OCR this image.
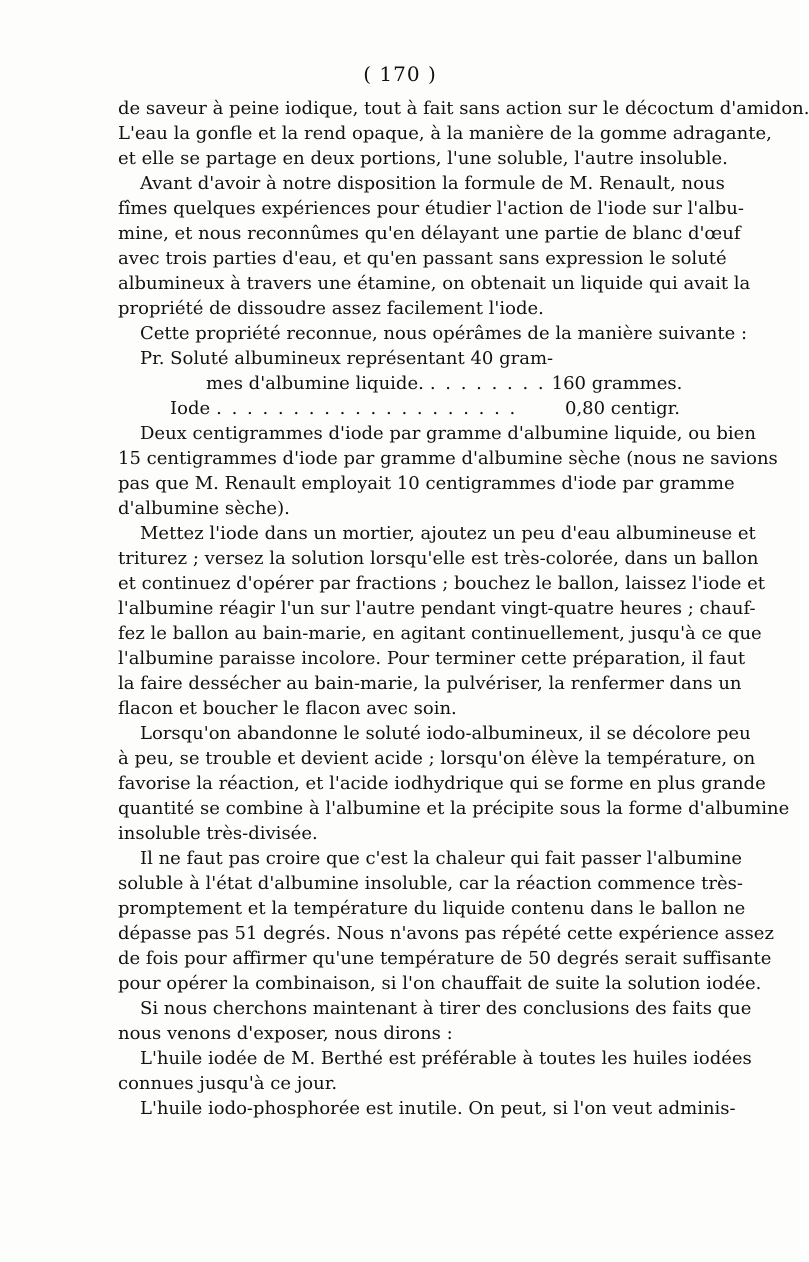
( 170 )
de saveur à peine iodique, tout à fait sans action sur le décoctum d'amidon.
L'eau la gonfle et la rend opaque, à la manière de la gomme adragante,
et elle se partage en deux portions, l'une soluble, l'autre insoluble.
Avant d'avoir à notre disposition la formule de M. Renault, nous
fîmes quelques expériences pour étudier l'action de l'iode sur l'albu-
mine, et nous reconnûmes qu'en délayant une partie de blanc d'œuf
avec trois parties d'eau, et qu'en passant sans expression le soluté
albumineux à travers une étamine, on obtenait un liquide qui avait la
propriété de dissoudre assez facilement l'iode.
Cette propriété reconnue, nous opérâmes de la manière suivante :
Pr. Soluté albumineux représentant 40 gram-
mes d'albumine liquide. . . . . . . . . 160 grammes.
Iode . . . . . . . . . . . . . . . . . . . .	0,80 centigr.
Deux centigrammes d'iode par gramme d'albumine liquide, ou bien
15 centigrammes d'iode par gramme d'albumine sèche (nous ne savions
pas que M. Renault employait 10 centigrammes d'iode par gramme
d'albumine sèche).
Mettez l'iode dans un mortier, ajoutez un peu d'eau albumineuse et
triturez ; versez la solution lorsqu'elle est très-colorée, dans un ballon
et continuez d'opérer par fractions ; bouchez le ballon, laissez l'iode et
l'albumine réagir l'un sur l'autre pendant vingt-quatre heures ; chauf-
fez le ballon au bain-marie, en agitant continuellement, jusqu'à ce que
l'albumine paraisse incolore. Pour terminer cette préparation, il faut
la faire dessécher au bain-marie, la pulvériser, la renfermer dans un
flacon et boucher le flacon avec soin.
Lorsqu'on abandonne le soluté iodo-albumineux, il se décolore peu
à peu, se trouble et devient acide ; lorsqu'on élève la température, on
favorise la réaction, et l'acide iodhydrique qui se forme en plus grande
quantité se combine à l'albumine et la précipite sous la forme d'albumine
insoluble très-divisée.
Il ne faut pas croire que c'est la chaleur qui fait passer l'albumine
soluble à l'état d'albumine insoluble, car la réaction commence très-
promptement et la température du liquide contenu dans le ballon ne
dépasse pas 51 degrés. Nous n'avons pas répété cette expérience assez
de fois pour affirmer qu'une température de 50 degrés serait suffisante
pour opérer la combinaison, si l'on chauffait de suite la solution iodée.
Si nous cherchons maintenant à tirer des conclusions des faits que
nous venons d'exposer, nous dirons :
L'huile iodée de M. Berthé est préférable à toutes les huiles iodées
connues jusqu'à ce jour.
L'huile iodo-phosphorée est inutile. On peut, si l'on veut adminis-
